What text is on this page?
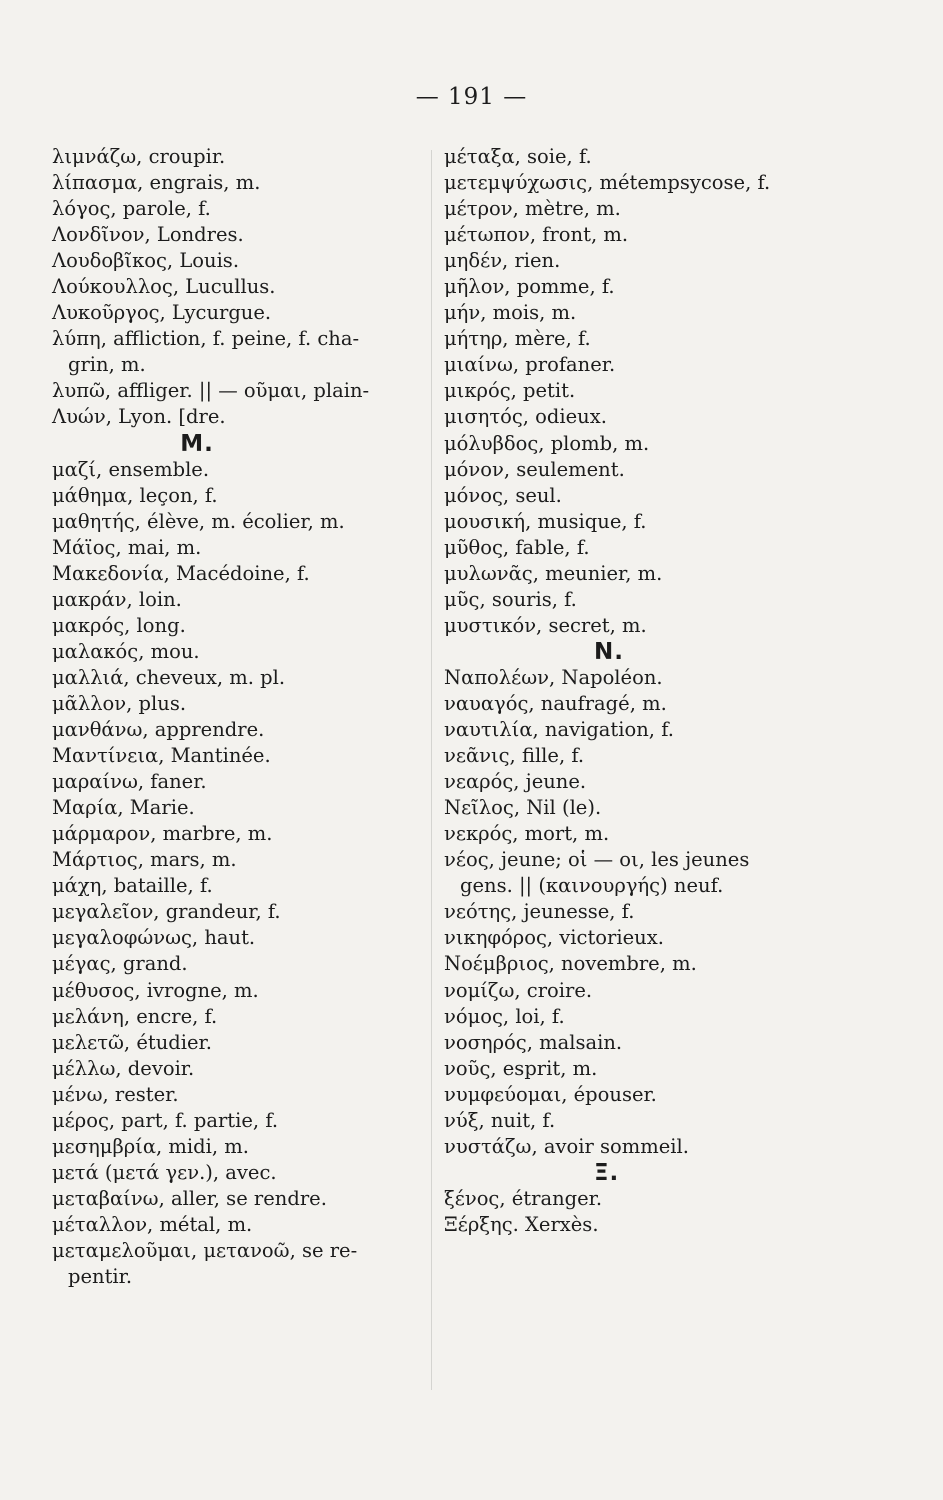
— 191 —
λιμνάζω, croupir.
λίπασμα, engrais, m.
λόγος, parole, f.
Λονδῖνον, Londres.
Λουδοβῖκος, Louis.
Λούκουλλος, Lucullus.
Λυκοῦργος, Lycurgue.
λύπη, affliction, f. peine, f. cha-
grin, m.
λυπῶ, affliger. || — οῦμαι, plain-
Λυών, Lyon. [dre.
Μ.
μαζί, ensemble.
μάθημα, leçon, f.
μαθητής, élève, m. écolier, m.
Μάϊος, mai, m.
Μακεδονία, Macédoine, f.
μακράν, loin.
μακρός, long.
μαλακός, mou.
μαλλιά, cheveux, m. pl.
μᾶλλον, plus.
μανθάνω, apprendre.
Μαντίνεια, Mantinée.
μαραίνω, faner.
Μαρία, Marie.
μάρμαρον, marbre, m.
Μάρτιος, mars, m.
μάχη, bataille, f.
μεγαλεῖον, grandeur, f.
μεγαλοφώνως, haut.
μέγας, grand.
μέθυσος, ivrogne, m.
μελάνη, encre, f.
μελετῶ, étudier.
μέλλω, devoir.
μένω, rester.
μέρος, part, f. partie, f.
μεσημβρία, midi, m.
μετά (μετά γεν.), avec.
μεταβαίνω, aller, se rendre.
μέταλλον, métal, m.
μεταμελοῦμαι, μετανοῶ, se re-
pentir.
μέταξα, soie, f.
μετεμψύχωσις, métempsycose, f.
μέτρον, mètre, m.
μέτωπον, front, m.
μηδέν, rien.
μῆλον, pomme, f.
μήν, mois, m.
μήτηρ, mère, f.
μιαίνω, profaner.
μικρός, petit.
μισητός, odieux.
μόλυβδος, plomb, m.
μόνον, seulement.
μόνος, seul.
μουσική, musique, f.
μῦθος, fable, f.
μυλωνᾶς, meunier, m.
μῦς, souris, f.
μυστικόν, secret, m.
Ν.
Ναπολέων, Napoléon.
ναυαγός, naufragé, m.
ναυτιλία, navigation, f.
νεᾶνις, fille, f.
νεαρός, jeune.
Νεῖλος, Nil (le).
νεκρός, mort, m.
νέος, jeune; οἱ — οι, les jeunes
gens. || (καινουργής) neuf.
νεότης, jeunesse, f.
νικηφόρος, victorieux.
Νοέμβριος, novembre, m.
νομίζω, croire.
νόμος, loi, f.
νοσηρός, malsain.
νοῦς, esprit, m.
νυμφεύομαι, épouser.
νύξ, nuit, f.
νυστάζω, avoir sommeil.
Ξ.
ξένος, étranger.
Ξέρξης. Xerxès.
